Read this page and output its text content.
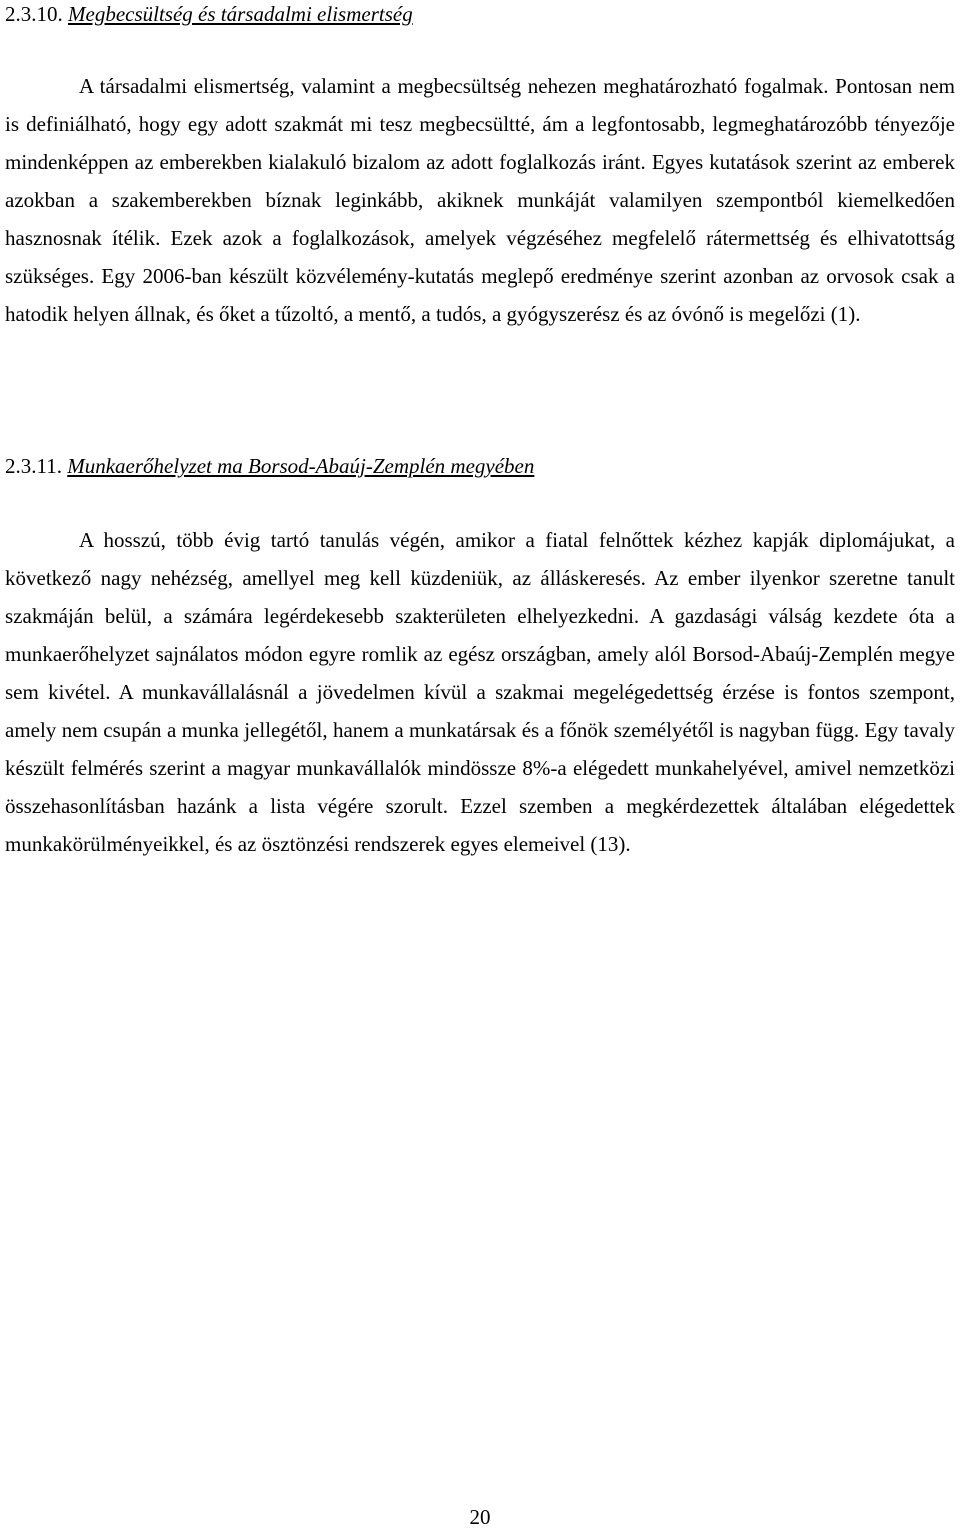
2.3.10. Megbecsültség és társadalmi elismertség

A társadalmi elismertség, valamint a megbecsültség nehezen meghatározható fogalmak. Pontosan nem is definiálható, hogy egy adott szakmát mi tesz megbecsültté, ám a legfontosabb, legmeghatározóbb tényezője mindenképpen az emberekben kialakuló bizalom az adott foglalkozás iránt. Egyes kutatások szerint az emberek azokban a szakemberekben bíznak leginkább, akiknek munkáját valamilyen szempontból kiemelkedően hasznosnak ítélik. Ezek azok a foglalkozások, amelyek végzéséhez megfelelő rátermettség és elhivatottság szükséges. Egy 2006-ban készült közvélemény-kutatás meglepő eredménye szerint azonban az orvosok csak a hatodik helyen állnak, és őket a tűzoltó, a mentő, a tudós, a gyógyszerész és az óvónő is megelőzi (1).

2.3.11. Munkaerőhelyzet ma Borsod-Abaúj-Zemplén megyében

A hosszú, több évig tartó tanulás végén, amikor a fiatal felnőttek kézhez kapják diplomájukat, a következő nagy nehézség, amellyel meg kell küzdeniük, az álláskeresés. Az ember ilyenkor szeretne tanult szakmáján belül, a számára legérdekesebb szakterületen elhelyezkedni. A gazdasági válság kezdete óta a munkaerőhelyzet sajnálatos módon egyre romlik az egész országban, amely alól Borsod-Abaúj-Zemplén megye sem kivétel. A munkavállalásnál a jövedelmen kívül a szakmai megelégedettség érzése is fontos szempont, amely nem csupán a munka jellegétől, hanem a munkatársak és a főnök személyétől is nagyban függ. Egy tavaly készült felmérés szerint a magyar munkavállalók mindössze 8%-a elégedett munkahelyével, amivel nemzetközi összehasonlításban hazánk a lista végére szorult. Ezzel szemben a megkérdezettek általában elégedettek munkakörülményeikkel, és az ösztönzési rendszerek egyes elemeivel (13).

20
